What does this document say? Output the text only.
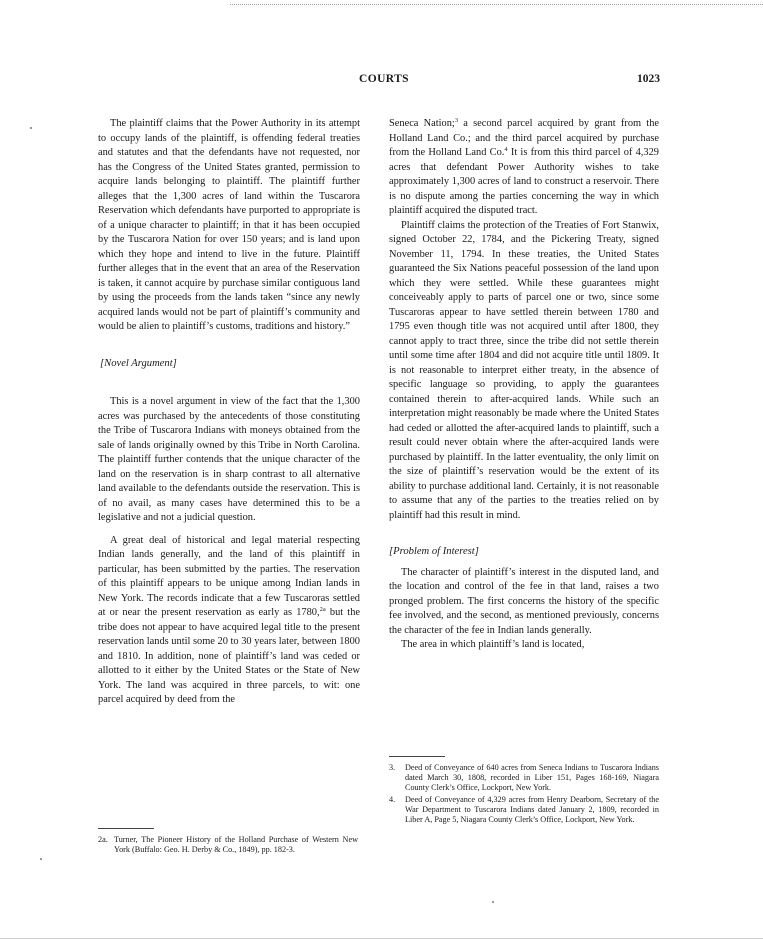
COURTS	1023

The plaintiff claims that the Power Authority in its attempt to occupy lands of the plaintiff, is offending federal treaties and statutes and that the defendants have not requested, nor has the Congress of the United States granted, permission to acquire lands belonging to plaintiff. The plaintiff further alleges that the 1,300 acres of land within the Tuscarora Reservation which defendants have purported to appropriate is of a unique character to plaintiff; in that it has been occupied by the Tuscarora Nation for over 150 years; and is land upon which they hope and intend to live in the future. Plaintiff further alleges that in the event that an area of the Reservation is taken, it cannot acquire by purchase similar contiguous land by using the proceeds from the lands taken “since any newly acquired lands would not be part of plaintiff’s community and would be alien to plaintiff’s customs, traditions and history.”

[Novel Argument]

This is a novel argument in view of the fact that the 1,300 acres was purchased by the antecedents of those constituting the Tribe of Tuscarora Indians with moneys obtained from the sale of lands originally owned by this Tribe in North Carolina. The plaintiff further contends that the unique character of the land on the reservation is in sharp contrast to all alternative land available to the defendants outside the reservation. This is of no avail, as many cases have determined this to be a legislative and not a judicial question.

A great deal of historical and legal material respecting Indian lands generally, and the land of this plaintiff in particular, has been submitted by the parties. The reservation of this plaintiff appears to be unique among Indian lands in New York. The records indicate that a few Tuscaroras settled at or near the present reservation as early as 1780,$^{2a}$ but the tribe does not appear to have acquired legal title to the present reservation lands until some 20 to 30 years later, between 1800 and 1810. In addition, none of plaintiff’s land was ceded or allotted to it either by the United States or the State of New York. The land was acquired in three parcels, to wit: one parcel acquired by deed from the

2a. Turner, The Pioneer History of the Holland Purchase of Western New York (Buffalo: Geo. H. Derby & Co., 1849), pp. 182-3.

Seneca Nation;$^3$ a second parcel acquired by grant from the Holland Land Co.; and the third parcel acquired by purchase from the Holland Land Co.$^4$ It is from this third parcel of 4,329 acres that defendant Power Authority wishes to take approximately 1,300 acres of land to construct a reservoir. There is no dispute among the parties concerning the way in which plaintiff acquired the disputed tract.

Plaintiff claims the protection of the Treaties of Fort Stanwix, signed October 22, 1784, and the Pickering Treaty, signed November 11, 1794. In these treaties, the United States guaranteed the Six Nations peaceful possession of the land upon which they were settled. While these guarantees might conceiveably apply to parts of parcel one or two, since some Tuscaroras appear to have settled therein between 1780 and 1795 even though title was not acquired until after 1800, they cannot apply to tract three, since the tribe did not settle therein until some time after 1804 and did not acquire title until 1809. It is not reasonable to interpret either treaty, in the absence of specific language so providing, to apply the guarantees contained therein to after-acquired lands. While such an interpretation might reasonably be made where the United States had ceded or allotted the after-acquired lands to plaintiff, such a result could never obtain where the after-acquired lands were purchased by plaintiff. In the latter eventuality, the only limit on the size of plaintiff’s reservation would be the extent of its ability to purchase additional land. Certainly, it is not reasonable to assume that any of the parties to the treaties relied on by plaintiff had this result in mind.

[Problem of Interest]

The character of plaintiff’s interest in the disputed land, and the location and control of the fee in that land, raises a two pronged problem. The first concerns the history of the specific fee involved, and the second, as mentioned previously, concerns the character of the fee in Indian lands generally.

The area in which plaintiff’s land is located,

3.	Deed of Conveyance of 640 acres from Seneca Indians to Tuscarora Indians dated March 30, 1808, recorded in Liber 151, Pages 168-169, Niagara County Clerk’s Office, Lockport, New York.
4.	Deed of Conveyance of 4,329 acres from Henry Dearborn, Secretary of the War Department to Tuscarora Indians dated January 2, 1809, recorded in Liber A, Page 5, Niagara County Clerk’s Office, Lockport, New York.
